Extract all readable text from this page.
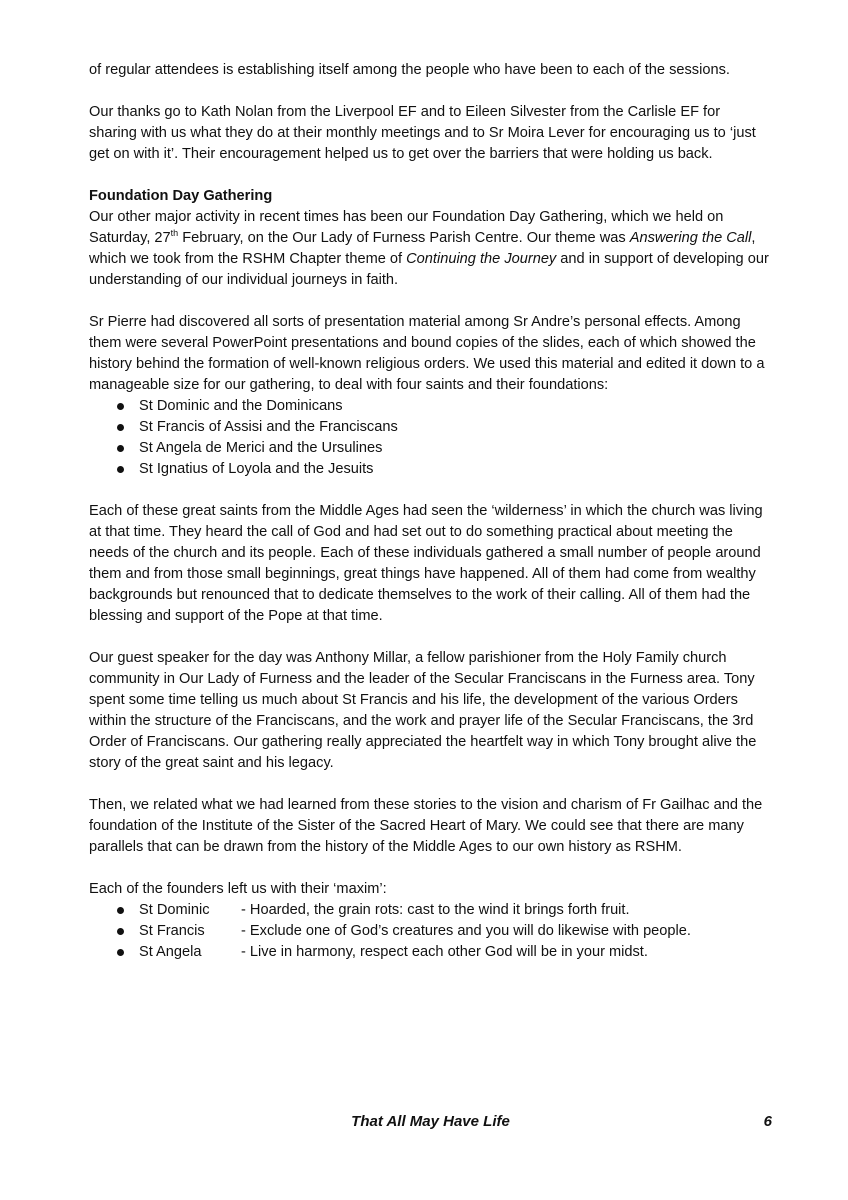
of regular attendees is establishing itself among the people who have been to each of the sessions.

Our thanks go to Kath Nolan from the Liverpool EF and to Eileen Silvester from the Carlisle EF for sharing with us what they do at their monthly meetings and to Sr Moira Lever for encouraging us to ‘just get on with it’. Their encouragement helped us to get over the barriers that were holding us back.

Foundation Day Gathering

Our other major activity in recent times has been our Foundation Day Gathering, which we held on Saturday, 27th February, on the Our Lady of Furness Parish Centre. Our theme was Answering the Call, which we took from the RSHM Chapter theme of Continuing the Journey and in support of developing our understanding of our individual journeys in faith.

Sr Pierre had discovered all sorts of presentation material among Sr Andre’s personal effects. Among them were several PowerPoint presentations and bound copies of the slides, each of which showed the history behind the formation of well-known religious orders. We used this material and edited it down to a manageable size for our gathering, to deal with four saints and their foundations:

St Dominic and the Dominicans
St Francis of Assisi and the Franciscans
St Angela de Merici and the Ursulines
St Ignatius of Loyola and the Jesuits

Each of these great saints from the Middle Ages had seen the ‘wilderness’ in which the church was living at that time. They heard the call of God and had set out to do something practical about meeting the needs of the church and its people. Each of these individuals gathered a small number of people around them and from those small beginnings, great things have happened. All of them had come from wealthy backgrounds but renounced that to dedicate themselves to the work of their calling. All of them had the blessing and support of the Pope at that time.

Our guest speaker for the day was Anthony Millar, a fellow parishioner from the Holy Family church community in Our Lady of Furness and the leader of the Secular Franciscans in the Furness area. Tony spent some time telling us much about St Francis and his life, the development of the various Orders within the structure of the Franciscans, and the work and prayer life of the Secular Franciscans, the 3rd Order of Franciscans. Our gathering really appreciated the heartfelt way in which Tony brought alive the story of the great saint and his legacy.

Then, we related what we had learned from these stories to the vision and charism of Fr Gailhac and the foundation of the Institute of the Sister of the Sacred Heart of Mary. We could see that there are many parallels that can be drawn from the history of the Middle Ages to our own history as RSHM.

Each of the founders left us with their ‘maxim’:

St Dominic - Hoarded, the grain rots: cast to the wind it brings forth fruit.
St Francis - Exclude one of God’s creatures and you will do likewise with people.
St Angela	- Live in harmony, respect each other God will be in your midst.
That All May Have Life	6
